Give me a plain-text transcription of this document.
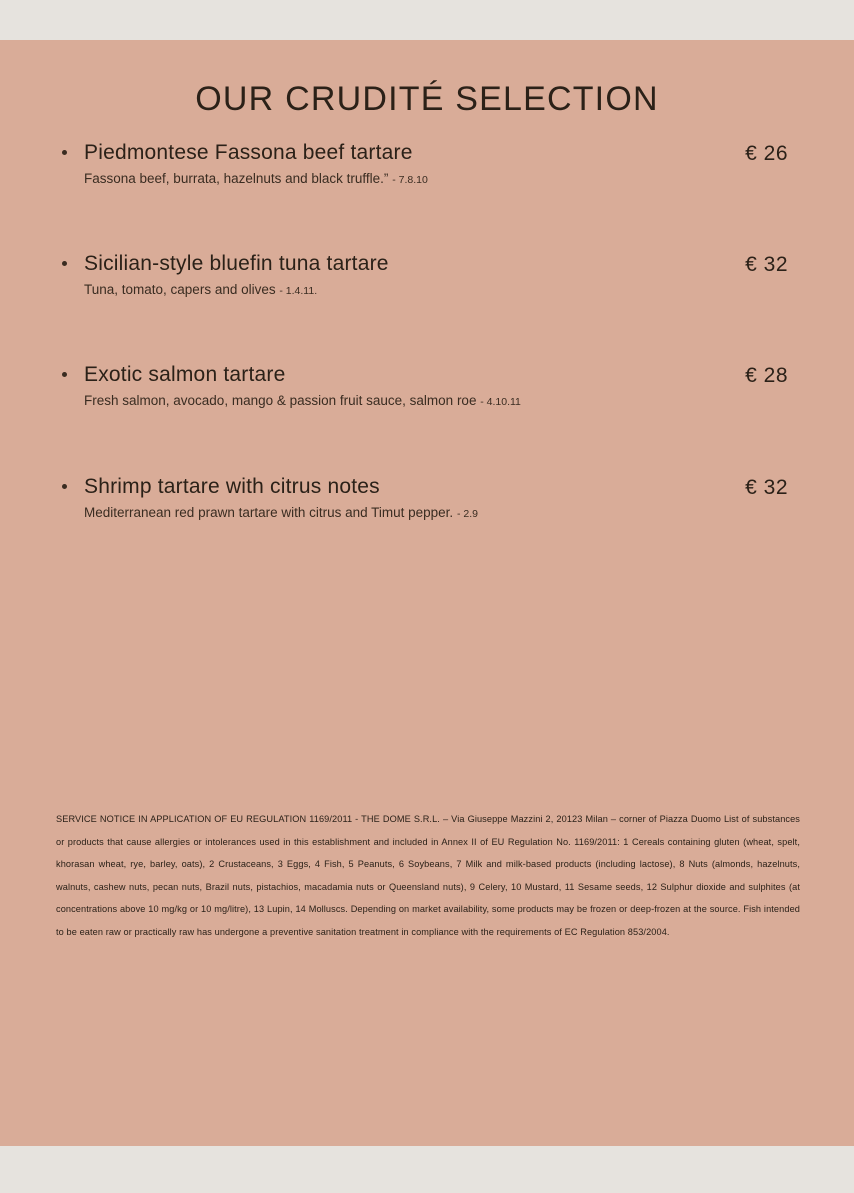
OUR CRUDITÉ SELECTION
Piedmontese Fassona beef tartare	€ 26
Fassona beef, burrata, hazelnuts and black truffle.” - 7.8.10
Sicilian-style bluefin tuna tartare	€ 32
Tuna, tomato, capers and olives - 1.4.11.
Exotic salmon tartare	€ 28
Fresh salmon, avocado, mango & passion fruit sauce, salmon roe - 4.10.11
Shrimp tartare with citrus notes	€ 32
Mediterranean red prawn tartare with citrus and Timut pepper. - 2.9
SERVICE NOTICE IN APPLICATION OF EU REGULATION 1169/2011 - THE DOME S.R.L. – Via Giuseppe Mazzini 2, 20123 Milan – corner of Piazza Duomo List of substances or products that cause allergies or intolerances used in this establishment and included in Annex II of EU Regulation No. 1169/2011: 1 Cereals containing gluten (wheat, spelt, khorasan wheat, rye, barley, oats), 2 Crustaceans, 3 Eggs, 4 Fish, 5 Peanuts, 6 Soybeans, 7 Milk and milk-based products (including lactose), 8 Nuts (almonds, hazelnuts, walnuts, cashew nuts, pecan nuts, Brazil nuts, pistachios, macadamia nuts or Queensland nuts), 9 Celery, 10 Mustard, 11 Sesame seeds, 12 Sulphur dioxide and sulphites (at concentrations above 10 mg/kg or 10 mg/litre), 13 Lupin, 14 Molluscs. Depending on market availability, some products may be frozen or deep-frozen at the source. Fish intended to be eaten raw or practically raw has undergone a preventive sanitation treatment in compliance with the requirements of EC Regulation 853/2004.
